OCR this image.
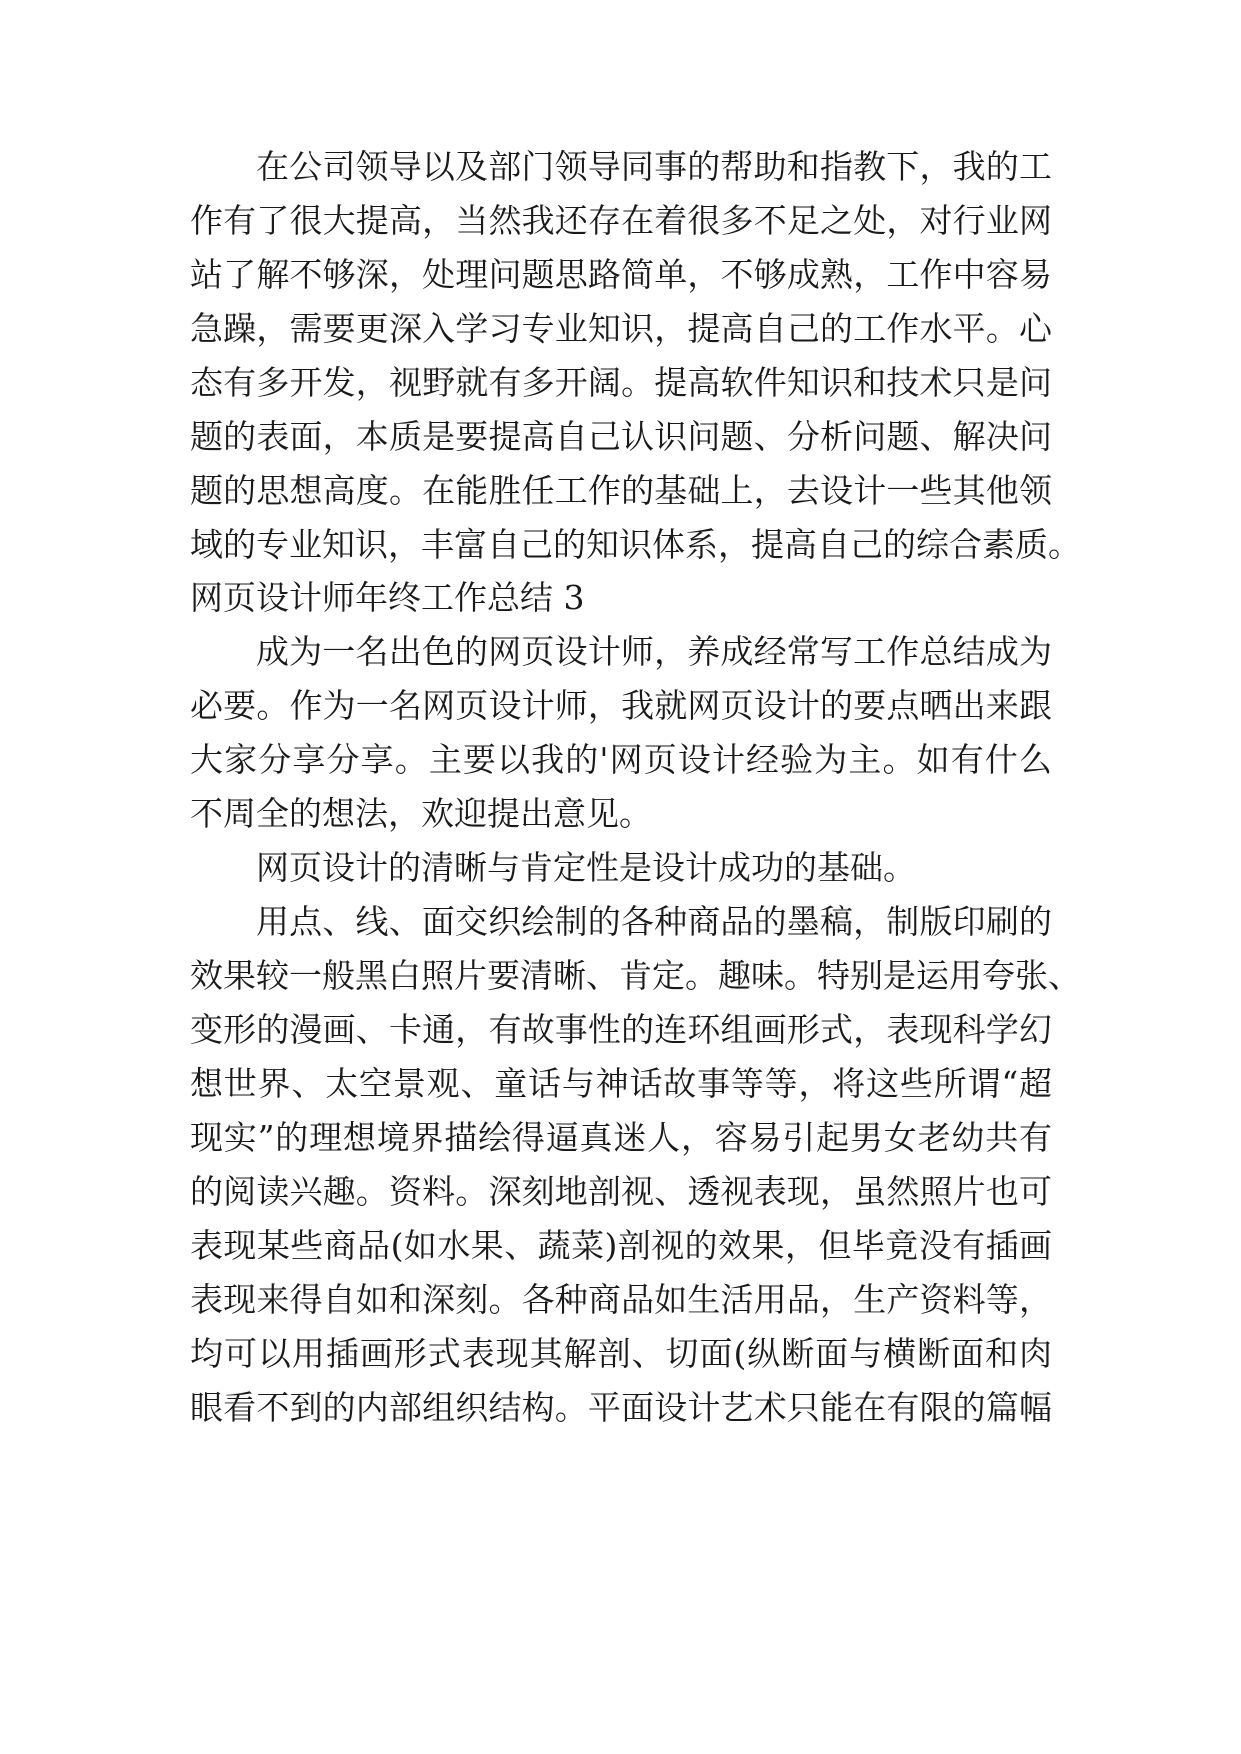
在公司领导以及部门领导同事的帮助和指教下，我的工
作有了很大提高，当然我还存在着很多不足之处，对行业网
站了解不够深，处理问题思路简单，不够成熟，工作中容易
急躁，需要更深入学习专业知识，提高自己的工作水平。心
态有多开发，视野就有多开阔。提高软件知识和技术只是问
题的表面，本质是要提高自己认识问题、分析问题、解决问
题的思想高度。在能胜任工作的基础上，去设计一些其他领
域的专业知识，丰富自己的知识体系，提高自己的综合素质。
网页设计师年终工作总结 3
成为一名出色的网页设计师，养成经常写工作总结成为
必要。作为一名网页设计师，我就网页设计的要点晒出来跟
大家分享分享。主要以我的'网页设计经验为主。如有什么
不周全的想法，欢迎提出意见。
网页设计的清晰与肯定性是设计成功的基础。
用点、线、面交织绘制的各种商品的墨稿，制版印刷的
效果较一般黑白照片要清晰、肯定。趣味。特别是运用夸张、
变形的漫画、卡通，有故事性的连环组画形式，表现科学幻
想世界、太空景观、童话与神话故事等等，将这些所谓“超
现实”的理想境界描绘得逼真迷人，容易引起男女老幼共有
的阅读兴趣。资料。深刻地剖视、透视表现，虽然照片也可
表现某些商品(如水果、蔬菜)剖视的效果，但毕竟没有插画
表现来得自如和深刻。各种商品如生活用品，生产资料等，
均可以用插画形式表现其解剖、切面(纵断面与横断面和肉
眼看不到的内部组织结构。平面设计艺术只能在有限的篇幅
